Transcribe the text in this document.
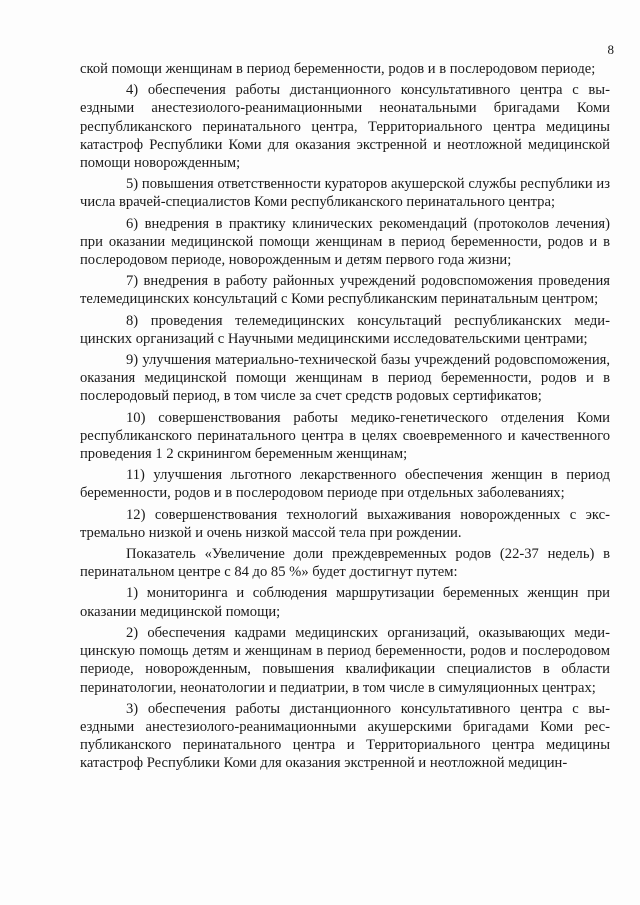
8

ской помощи женщинам в период беременности, родов и в послеродовом периоде;

4) обеспечения работы дистанционного консультативного центра с выездными анестезиолого-реанимационными неонатальными бригадами Коми республиканского перинатального центра, Территориального центра медицины катастроф Республики Коми для оказания экстренной и неотложной медицинской помощи новорожденным;

5) повышения ответственности кураторов акушерской службы республики из числа врачей-специалистов Коми республиканского перинатального центра;

6) внедрения в практику клинических рекомендаций (протоколов лечения) при оказании медицинской помощи женщинам в период беременности, родов и в послеродовом периоде, новорожденным и детям первого года жизни;

7) внедрения в работу районных учреждений родовспоможения проведения телемедицинских консультаций с Коми республиканским перинатальным центром;

8) проведения телемедицинских консультаций республиканских медицинских организаций с Научными медицинскими исследовательскими центрами;

9) улучшения материально-технической базы учреждений родовспоможения, оказания медицинской помощи женщинам в период беременности, родов и в послеродовый период, в том числе за счет средств родовых сертификатов;

10) совершенствования работы медико-генетического отделения Коми республиканского перинатального центра в целях своевременного и качественного проведения 1 2 скринингом беременным женщинам;

11) улучшения льготного лекарственного обеспечения женщин в период беременности, родов и в послеродовом периоде при отдельных заболеваниях;

12) совершенствования технологий выхаживания новорожденных с экстремально низкой и очень низкой массой тела при рождении.

Показатель «Увеличение доли преждевременных родов (22-37 недель) в перинатальном центре с 84 до 85 %» будет достигнут путем:

1) мониторинга и соблюдения маршрутизации беременных женщин при оказании медицинской помощи;

2) обеспечения кадрами медицинских организаций, оказывающих медицинскую помощь детям и женщинам в период беременности, родов и послеродовом периоде, новорожденным, повышения квалификации специалистов в области перинатологии, неонатологии и педиатрии, в том числе в симуляционных центрах;

3) обеспечения работы дистанционного консультативного центра с выездными анестезиолого-реанимационными акушерскими бригадами Коми республиканского перинатального центра и Территориального центра медицины катастроф Республики Коми для оказания экстренной и неотложной медицин-
